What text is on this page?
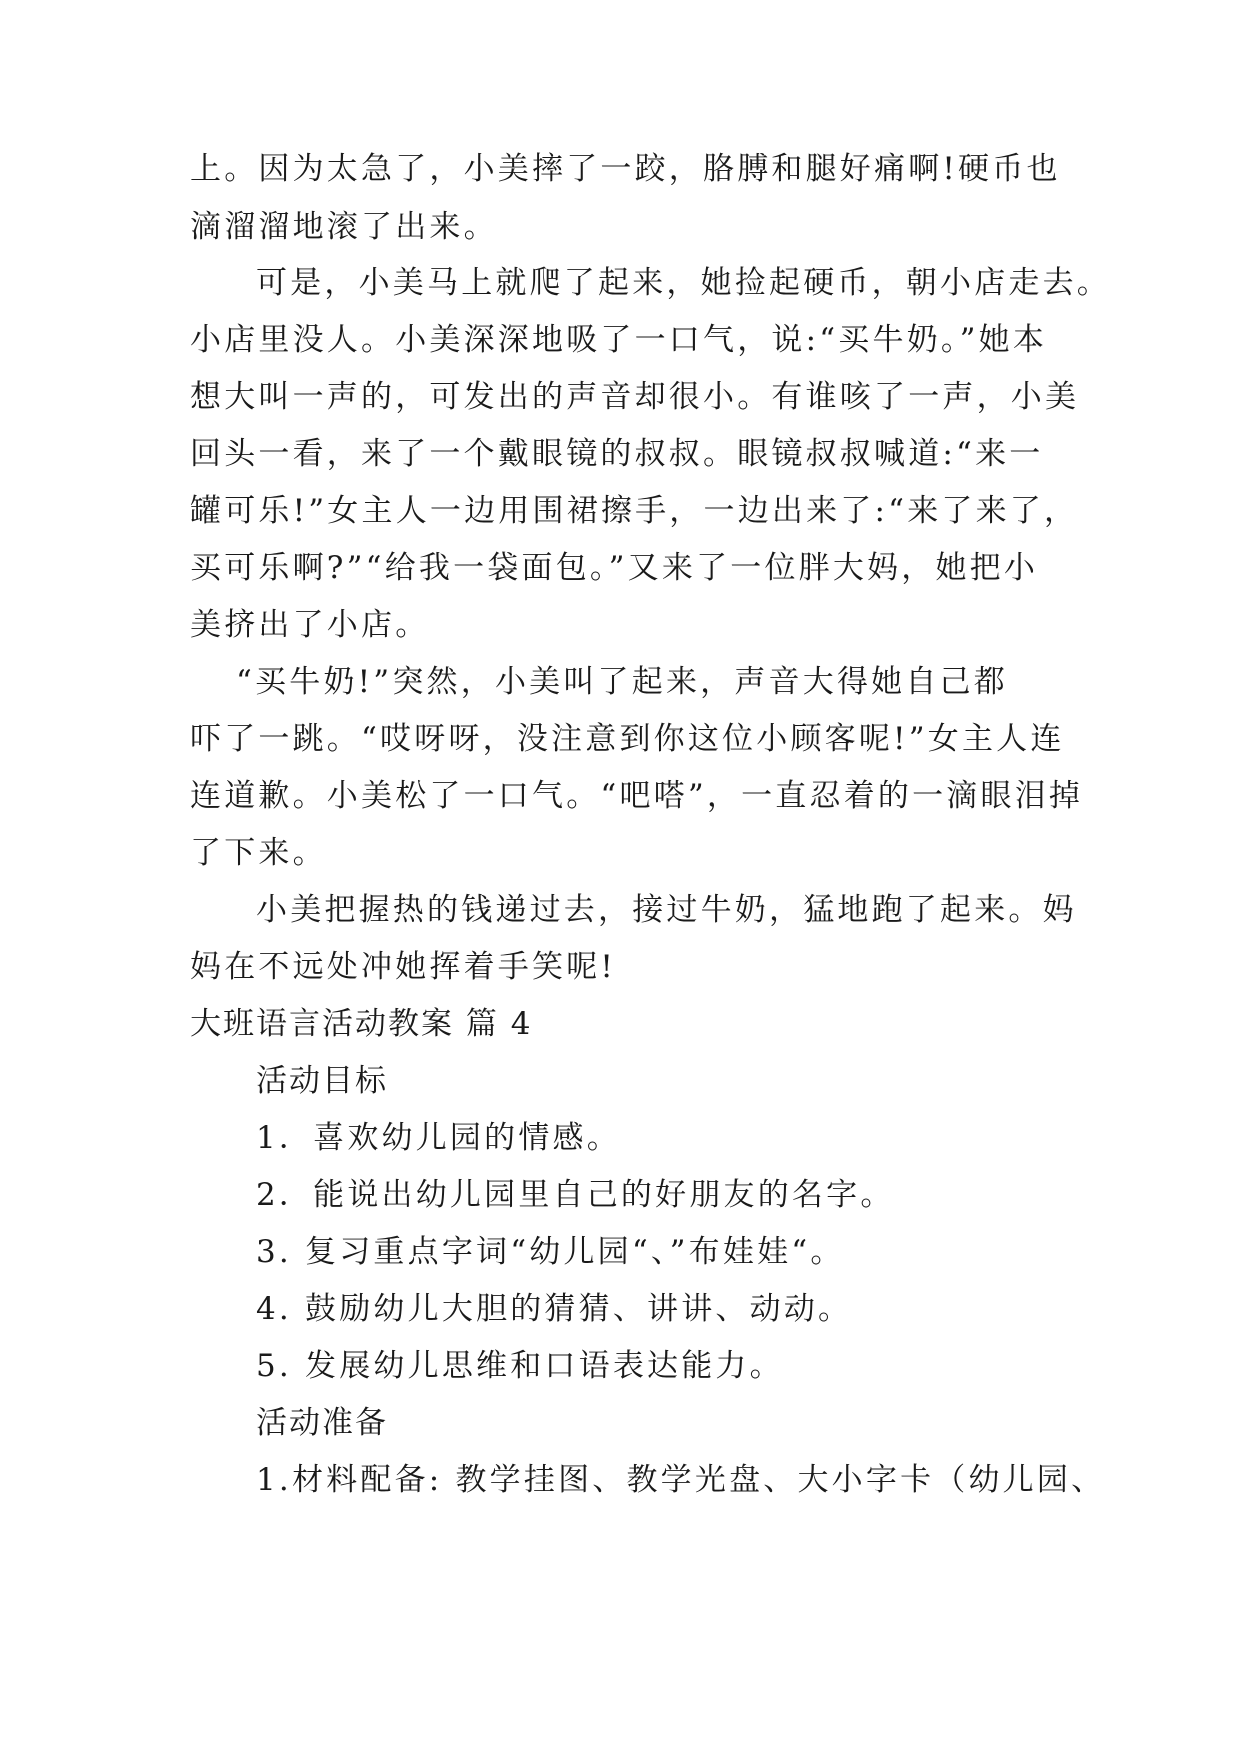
上。因为太急了，小美摔了一跤，胳膊和腿好痛啊!硬币也
滴溜溜地滚了出来。
可是，小美马上就爬了起来，她捡起硬币，朝小店走去。
小店里没人。小美深深地吸了一口气，说:“买牛奶。”她本
想大叫一声的，可发出的声音却很小。有谁咳了一声，小美
回头一看，来了一个戴眼镜的叔叔。眼镜叔叔喊道:“来一
罐可乐!”女主人一边用围裙擦手，一边出来了:“来了来了，
买可乐啊?”“给我一袋面包。”又来了一位胖大妈，她把小
美挤出了小店。
“买牛奶!”突然，小美叫了起来，声音大得她自己都
吓了一跳。“哎呀呀，没注意到你这位小顾客呢!”女主人连
连道歉。小美松了一口气。“吧嗒”，一直忍着的一滴眼泪掉
了下来。
小美把握热的钱递过去，接过牛奶，猛地跑了起来。妈
妈在不远处冲她挥着手笑呢!
大班语言活动教案 篇 4
活动目标
1．喜欢幼儿园的情感。
2．能说出幼儿园里自己的好朋友的名字。
3. 复习重点字词“幼儿园“、”布娃娃“。
4. 鼓励幼儿大胆的猜猜、讲讲、动动。
5. 发展幼儿思维和口语表达能力。
活动准备
1.材料配备: 教学挂图、教学光盘、大小字卡（幼儿园、
